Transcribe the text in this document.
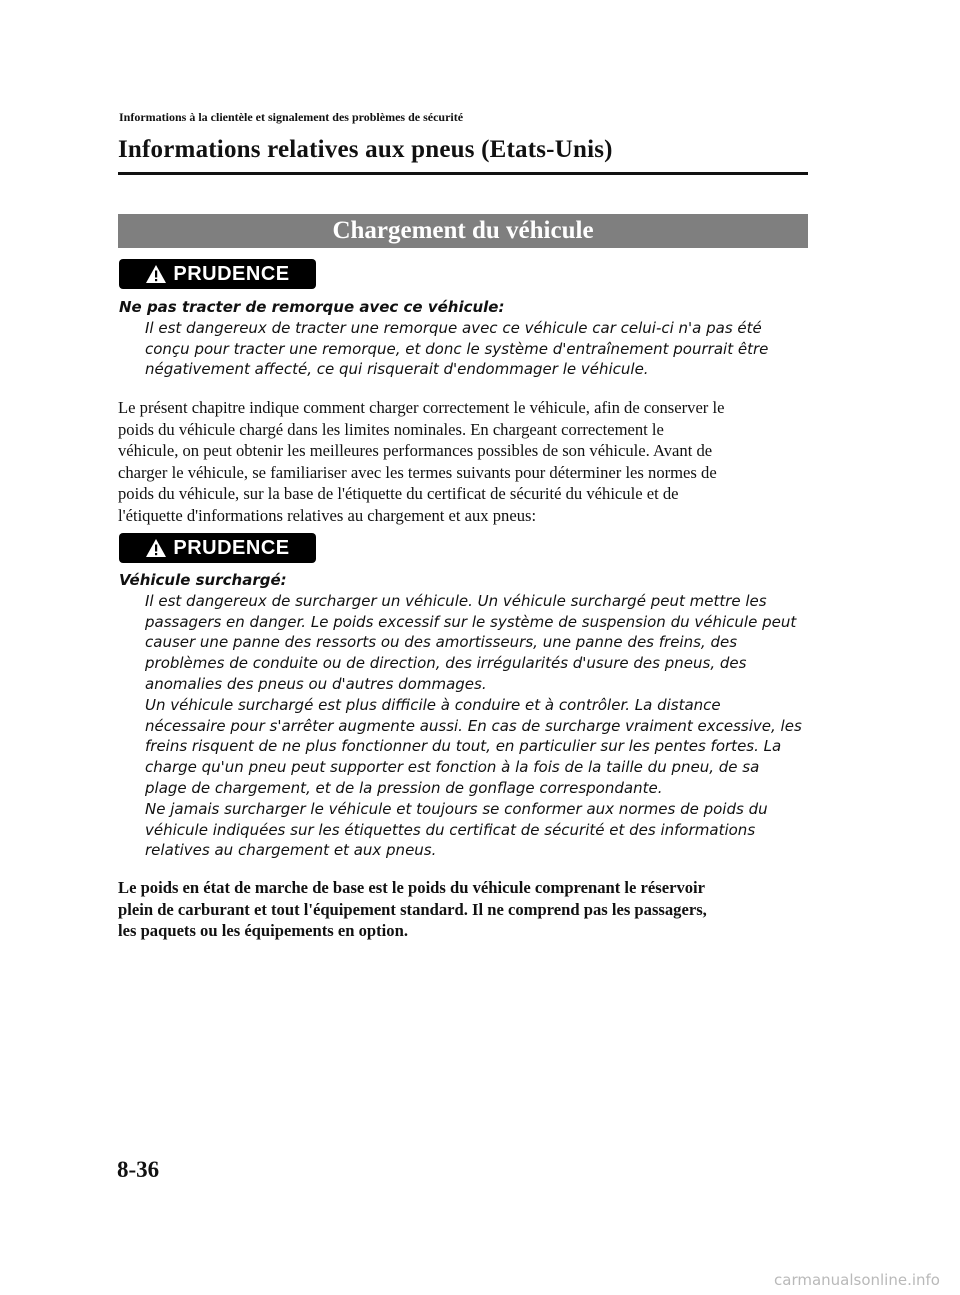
Informations à la clientèle et signalement des problèmes de sécurité
Informations relatives aux pneus (Etats-Unis)
Chargement du véhicule
PRUDENCE
Ne pas tracter de remorque avec ce véhicule:
Il est dangereux de tracter une remorque avec ce véhicule car celui-ci n'a pas été
conçu pour tracter une remorque, et donc le système d'entraînement pourrait être
négativement affecté, ce qui risquerait d'endommager le véhicule.
Le présent chapitre indique comment charger correctement le véhicule, afin de conserver le
poids du véhicule chargé dans les limites nominales. En chargeant correctement le
véhicule, on peut obtenir les meilleures performances possibles de son véhicule. Avant de
charger le véhicule, se familiariser avec les termes suivants pour déterminer les normes de
poids du véhicule, sur la base de l'étiquette du certificat de sécurité du véhicule et de
l'étiquette d'informations relatives au chargement et aux pneus:
PRUDENCE
Véhicule surchargé:
Il est dangereux de surcharger un véhicule. Un véhicule surchargé peut mettre les
passagers en danger. Le poids excessif sur le système de suspension du véhicule peut
causer une panne des ressorts ou des amortisseurs, une panne des freins, des
problèmes de conduite ou de direction, des irrégularités d'usure des pneus, des
anomalies des pneus ou d'autres dommages.
Un véhicule surchargé est plus difficile à conduire et à contrôler. La distance
nécessaire pour s'arrêter augmente aussi. En cas de surcharge vraiment excessive, les
freins risquent de ne plus fonctionner du tout, en particulier sur les pentes fortes. La
charge qu'un pneu peut supporter est fonction à la fois de la taille du pneu, de sa
plage de chargement, et de la pression de gonflage correspondante.
Ne jamais surcharger le véhicule et toujours se conformer aux normes de poids du
véhicule indiquées sur les étiquettes du certificat de sécurité et des informations
relatives au chargement et aux pneus.
Le poids en état de marche de base est le poids du véhicule comprenant le réservoir
plein de carburant et tout l'équipement standard. Il ne comprend pas les passagers,
les paquets ou les équipements en option.
8-36
carmanualsonline.info
